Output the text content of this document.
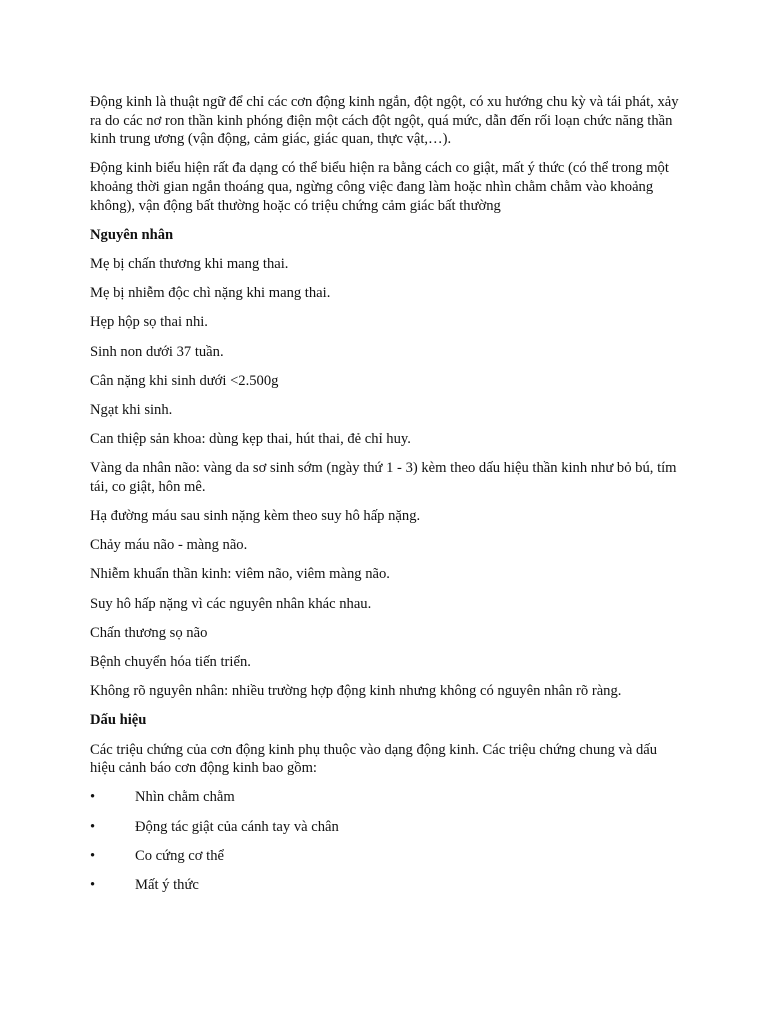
Động kinh là thuật ngữ để chỉ các cơn động kinh ngắn, đột ngột, có xu hướng chu kỳ và tái phát, xảy ra do các nơ ron thần kinh phóng điện một cách đột ngột, quá mức, dẫn đến rối loạn chức năng thần kinh trung ương (vận động, cảm giác, giác quan, thực vật,…).

Động kinh biểu hiện rất đa dạng có thể biểu hiện ra bằng cách co giật, mất ý thức (có thể trong một khoảng thời gian ngắn thoáng qua, ngừng công việc đang làm hoặc nhìn chằm chằm vào khoảng không), vận động bất thường hoặc có triệu chứng cảm giác bất thường

Nguyên nhân

Mẹ bị chấn thương khi mang thai.

Mẹ bị nhiễm độc chì nặng khi mang thai.

Hẹp hộp sọ thai nhi.

Sinh non dưới 37 tuần.

Cân nặng khi sinh dưới <2.500g

Ngạt khi sinh.

Can thiệp sản khoa: dùng kẹp thai, hút thai, đẻ chỉ huy.

Vàng da nhân não: vàng da sơ sinh sớm (ngày thứ 1 - 3) kèm theo dấu hiệu thần kinh như bỏ bú, tím tái, co giật, hôn mê.

Hạ đường máu sau sinh nặng kèm theo suy hô hấp nặng.

Chảy máu não - màng não.

Nhiễm khuẩn thần kinh: viêm não, viêm màng não.

Suy hô hấp nặng vì các nguyên nhân khác nhau.

Chấn thương sọ não

Bệnh chuyển hóa tiến triển.

Không rõ nguyên nhân: nhiều trường hợp động kinh nhưng không có nguyên nhân rõ ràng.

Dấu hiệu

Các triệu chứng của cơn động kinh phụ thuộc vào dạng động kinh. Các triệu chứng chung và dấu hiệu cảnh báo cơn động kinh bao gồm:

•	Nhìn chằm chằm
•	Động tác giật của cánh tay và chân
•	Co cứng cơ thể
•	Mất ý thức
